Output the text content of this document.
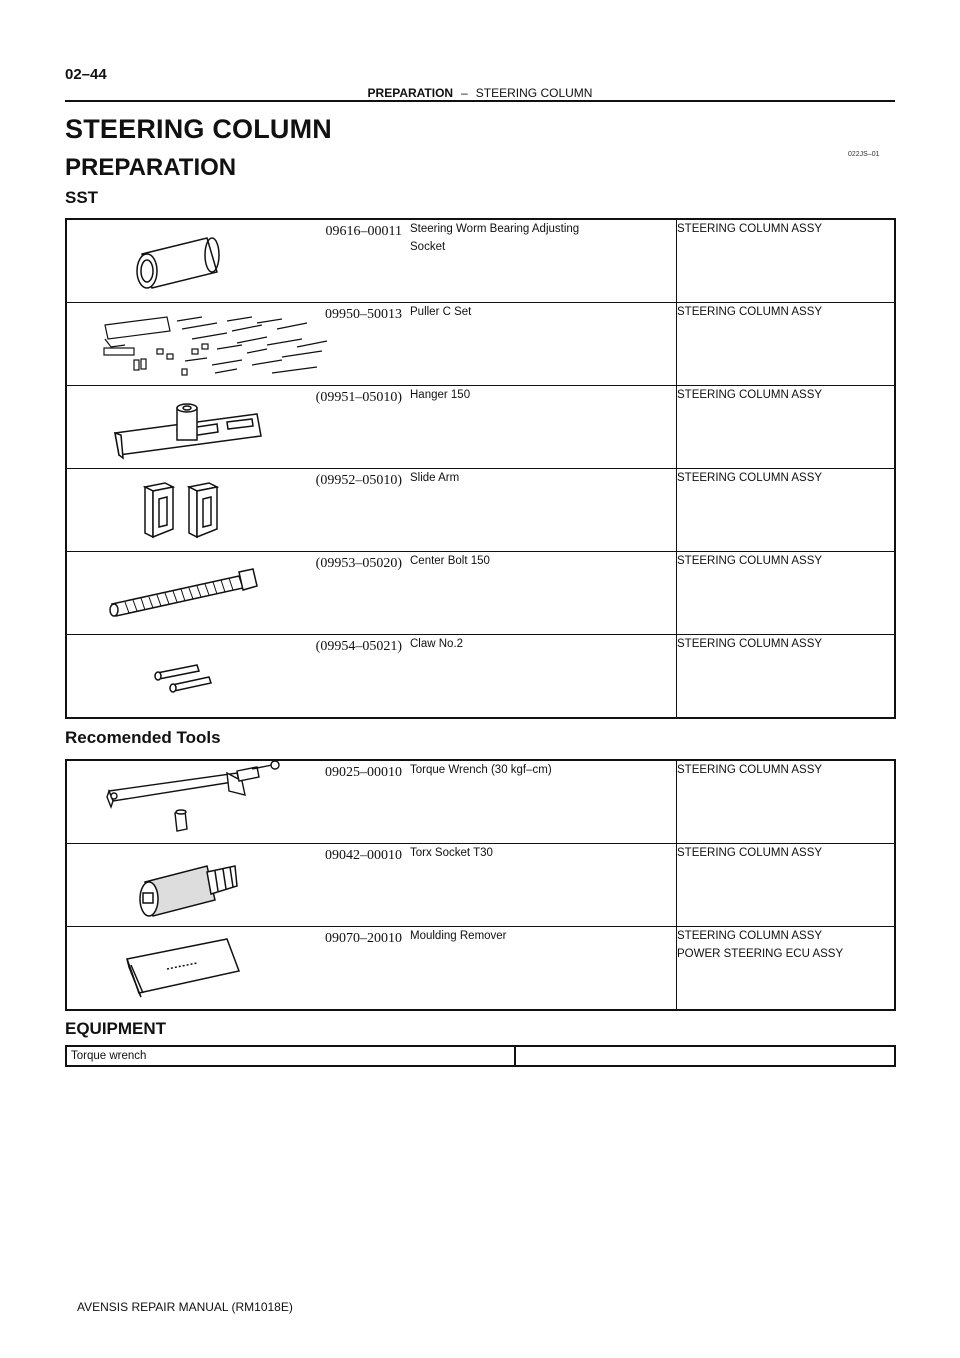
02–44
PREPARATION – STEERING COLUMN
STEERING COLUMN
PREPARATION	022JS–01
SST
09616–00011	Steering Worm Bearing Adjusting
Socket	STEERING COLUMN ASSY

09950–50013	Puller C Set	STEERING COLUMN ASSY

(09951–05010)	Hanger 150	STEERING COLUMN ASSY

(09952–05010)	Slide Arm	STEERING COLUMN ASSY

(09953–05020)	Center Bolt 150	STEERING COLUMN ASSY

(09954–05021)	Claw No.2	STEERING COLUMN ASSY
Recomended Tools
09025–00010	Torque Wrench (30 kgf–cm)	STEERING COLUMN ASSY

09042–00010	Torx Socket T30	STEERING COLUMN ASSY

09070–20010	Moulding Remover	STEERING COLUMN ASSY
POWER STEERING ECU ASSY
EQUIPMENT
Torque wrench	
AVENSIS REPAIR MANUAL (RM1018E)
